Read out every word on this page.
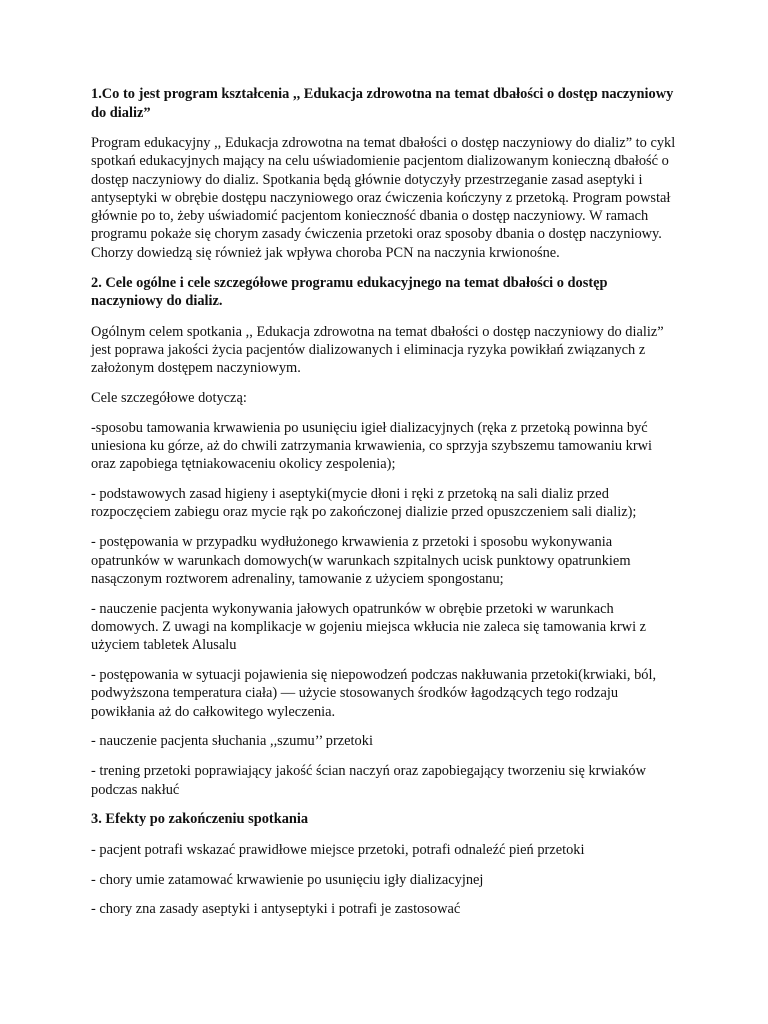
1.Co to jest program kształcenia ,, Edukacja zdrowotna na temat dbałości o dostęp naczyniowy do dializ”
Program edukacyjny ,, Edukacja zdrowotna na temat dbałości o dostęp naczyniowy do dializ” to cykl spotkań edukacyjnych mający na celu uświadomienie pacjentom dializowanym konieczną dbałość o dostęp naczyniowy do dializ. Spotkania będą głównie dotyczyły przestrzeganie zasad aseptyki i antyseptyki w obrębie dostępu naczyniowego oraz ćwiczenia kończyny z przetoką. Program powstał głównie po to, żeby uświadomić pacjentom konieczność dbania o dostęp naczyniowy. W ramach programu pokaże się chorym zasady ćwiczenia przetoki oraz sposoby dbania o dostęp naczyniowy. Chorzy dowiedzą się również jak wpływa choroba PCN na naczynia krwionośne.
2. Cele ogólne i cele szczegółowe programu edukacyjnego na temat dbałości o dostęp naczyniowy do dializ.
Ogólnym celem spotkania ,, Edukacja zdrowotna na temat dbałości o dostęp naczyniowy do dializ” jest poprawa jakości życia pacjentów dializowanych i eliminacja ryzyka powikłań związanych z założonym dostępem naczyniowym.
Cele szczegółowe dotyczą:
-sposobu tamowania krwawienia po usunięciu igieł dializacyjnych (ręka z przetoką powinna być uniesiona ku górze, aż do chwili zatrzymania krwawienia, co sprzyja szybszemu tamowaniu krwi oraz zapobiega tętniakowaceniu okolicy zespolenia);
- podstawowych zasad higieny i aseptyki(mycie dłoni i ręki z przetoką na sali dializ przed rozpoczęciem zabiegu oraz mycie rąk po zakończonej dializie przed opuszczeniem sali dializ);
- postępowania w przypadku wydłużonego krwawienia z przetoki i sposobu wykonywania opatrunków w warunkach domowych(w warunkach szpitalnych ucisk punktowy opatrunkiem nasączonym roztworem adrenaliny, tamowanie z użyciem spongostanu;
- nauczenie pacjenta wykonywania jałowych opatrunków w obrębie przetoki w warunkach domowych. Z uwagi na komplikacje w gojeniu miejsca wkłucia nie zaleca się tamowania krwi z użyciem tabletek Alusalu
- postępowania w sytuacji pojawienia się niepowodzeń podczas nakłuwania przetoki(krwiaki, ból, podwyższona temperatura ciała) — użycie stosowanych środków łagodzących tego rodzaju powikłania aż do całkowitego wyleczenia.
- nauczenie pacjenta słuchania ,,szumu’’ przetoki
- trening przetoki poprawiający jakość ścian naczyń oraz zapobiegający tworzeniu się krwiaków podczas nakłuć
3. Efekty po zakończeniu spotkania
- pacjent potrafi wskazać prawidłowe miejsce przetoki, potrafi odnaleźć pień przetoki
- chory umie zatamować krwawienie po usunięciu igły dializacyjnej
- chory zna zasady aseptyki i antyseptyki i potrafi je zastosować
